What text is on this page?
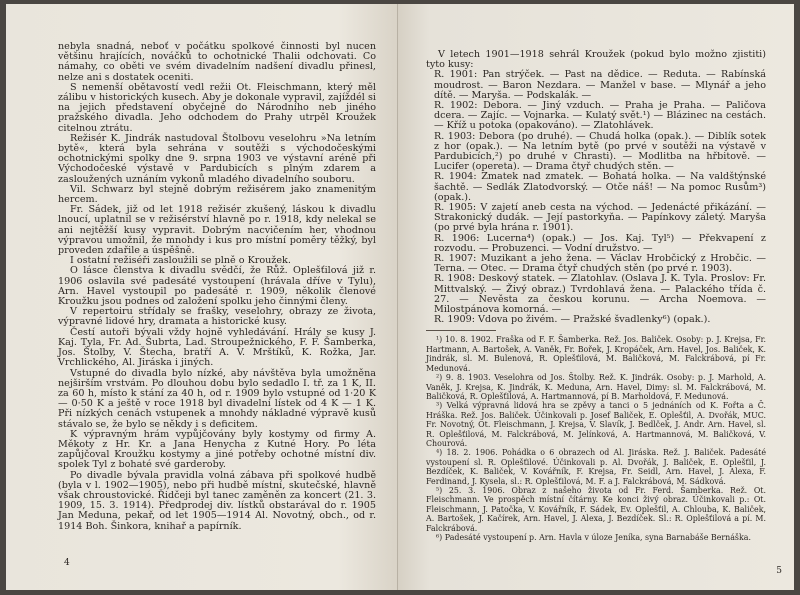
nebyla snadná, neboť v počátku spolkové činnosti byl nucen většinu hrajících, nováčků to ochotnické Thalii odchovati. Co námahy, co oběti ve svém divadelním nadšení divadlu přinesl, nelze ani s dostatek oceniti.

S nemenší obětavostí vedl režii Ot. Fleischmann, který měl zálibu v historických kusech. Aby je dokonale vypravil, zajíždél si na jejich představení obyčejně do Národního neb jiného pražského divadla. Jeho odchodem do Prahy utrpěl Kroužek citelnou ztrátu.

Režisér K. Jindrák nastudoval Štolbovu veselohru »Na letním bytě«, která byla sehrána v soutěži s východočeskými ochotnickými spolky dne 9. srpna 1903 ve výstavní aréně při Východočeské výstavě v Pardubicích s plným zdarem a zasloužených uznáním vykonů mladého divadelního souboru.

Vil. Schwarz byl stejně dobrým režisérem jako znamenitým hercem.

Fr. Sádek, již od let 1918 režisér zkušený, láskou k divadlu lnoucí, uplatnil se v režisérství hlavně po r. 1918, kdy nelekal se ani nejtěžší kusy vypravit. Dobrým nacvičením her, vhodnou výpravou umožnil, že mnohdy i kus pro místní poměry těžký, byl proveden zdařile a úspěšně.

I ostatní režiséři zasloužili se plně o Kroužek.

O lásce členstva k divadlu svědčí, že Růž. Oplešťilová již r. 1906 oslavila své padesáté vystoupení (hrávala dříve v Tylu), Arn. Havel vystoupil po padesáté r. 1909, několik členové Kroužku jsou podnes od založení spolku jeho činnými členy.

V repertoiru střídaly se frašky, veselohry, obrazy ze života, výpravné lidové hry, dramata a historické kusy.

Čestí autoři bývali vždy hojně vyhledávání. Hrály se kusy J. Kaj. Tyla, Fr. Ad. Šubrta, Lad. Stroupežnického, F. F. Šamberka, Jos. Štolby, V. Štecha, bratří A. V. Mrštíků, K. Rožka, Jar. Vrchlického, Al. Jiráska i jiných.

Vstupné do divadla bylo nízké, aby návštěva byla umožněna nejširším vrstvám. Po dlouhou dobu bylo sedadlo I. tř. za 1 K, II. za 60 h, místo k stání za 40 h, od r. 1909 bylo vstupné od 1·20 K — 0·50 K a ještě v roce 1918 byl divadelní lístek od 4 K — 1 K. Při nízkých cenách vstupenek a mnohdy nákladné výpravě kusů stávalo se, že bylo se někdy i s deficitem.

K výpravným hrám vypůjčovány byly kostymy od firmy A. Měkoty z Hr. Kr. a Jana Henycha z Kutné Hory. Po léta zapůjčoval Kroužku kostymy a jiné potřeby ochotné místní div. spolek Tyl z bohaté své garderoby.

Po divadle bývala pravidla volná zábava při spolkové hudbě (byla v l. 1902—1905), nebo při hudbě místní, skutečské, hlavně však chroustovické. Řidčeji byl tanec zaměněn za koncert (21. 3. 1909, 15. 3. 1914). Předprodej div. lístků obstarával do r. 1905 Jan Meduna, pekař, od let 1905—1914 Al. Novotný, obch., od r. 1914 Boh. Šinkora, knihař a papírník.

4

V letech 1901—1918 sehrál Kroužek (pokud bylo možno zjistiti) tyto kusy:

R. 1901: Pan strýček. — Past na dědice. — Reduta. — Rabínská moudrost. — Baron Nezdara. — Manžel v base. — Mlynář a jeho dítě. — Maryša. — Podskalák. —

R. 1902: Debora. — Jiný vzduch. — Praha je Praha. — Paličova dcera. — Zajíc. — Vojnarka. — Kulatý svět.¹) — Blázinec na cestách. — Kříž u potoka (opakováno). — Zlatohlávek.

R. 1903: Debora (po druhé). — Chudá holka (opak.). — Diblík sotek z hor (opak.). — Na letním bytě (po prvé v soutěži na výstavě v Pardubicích,²) po druhé v Chrasti). — Modlitba na hřbitově. — Lucifer (opereta). — Drama čtyř chudých stěn. —

R. 1904: Zmatek nad zmatek. — Bohatá holka. — Na valdštýnské šachtě. — Sedlák Zlatodvorský. — Otče náš! — Na pomoc Rusům³) (opak.).

R. 1905: V zajetí aneb cesta na východ. — Jedenácté přikázání. — Strakonický dudák. — Její pastorkyňa. — Papínkovy záletý. Maryša (po prvé byla hrána r. 1901).

R. 1906: Lucerna⁴) (opak.) — Jos. Kaj. Tyl⁵) — Překvapení z rozvodu. — Probuzenci. — Vodní družstvo. —

R. 1907: Muzikant a jeho žena. — Václav Hrobčický z Hrobčic. — Terna. — Otec. — Drama čtyř chudých stěn (po prvé r. 1903).

R. 1908: Deskový statek. — Zlatohlav. (Oslava J. K. Tyla. Proslov: Fr. Mittvalský. — Živý obraz.) Tvrdohlavá žena. — Palackého třída č. 27. — Nevěsta za českou korunu. — Archa Noemova. — Milostpánova komorná. —

R. 1909: Vdova po živém. — Pražské švadlenky⁶) (opak.).

¹) 10. 8. 1902. Fraška od F. F. Šamberka. Rež. Jos. Baliček. Osoby: p. J. Krejsa, Fr. Hartmann, A. Bartošek, A. Vaněk, Fr. Bořek, J. Kropáček, Arn. Havel, Jos. Baliček, K. Jindrák, sl. M. Bulenová, R. Oplešťilová, M. Baličková, M. Falckrábová, pí Fr. Medunová.

²) 9. 8. 1903. Veselohra od Jos. Štolby. Rež. K. Jindrák. Osoby: p. J. Marhold, A. Vaněk, J. Krejsa, K. Jindrák, K. Meduna, Arn. Havel, Dimy: sl. M. Falckrábová, M. Baličková, R. Oplešťilová, A. Hartmannová, pí B. Marholdová, F. Medunová.

³) Velká výpravná lidová hra se zpěvy a tanci o 5 jednáních od K. Fořta a Č. Hráška. Rež. Jos. Baliček. Účinkovali p. Josef Baliček, E. Oplešťil, A. Dvořák, MUC. Fr. Novotný, Ot. Fleischmann, J. Krejsa, V. Slavík, J. Bedlček, J. Andr. Arn. Havel, sl. R. Oplešťilová, M. Falckrábová, M. Jelínková, A. Hartmannová, M. Baličková, V. Chourová.

⁴) 18. 2. 1906. Pohádka o 6 obrazech od Al. Jiráska. Rež. J. Baliček. Padesáté vystoupení sl. R. Oplešťilové. Účinkovali p. Al. Dvořák, J. Baliček, E. Oplešťil, J. Bezdíček, K. Baliček, V. Kovářník, F. Krejsa, Fr. Seidl, Arn. Havel, J. Alexa, F. Ferdinand, J. Kysela, sl.: R. Oplešťilová, M. F. a J. Falckrábová, M. Sádková.

⁵) 25. 3. 1906. Obraz z našeho života od Fr. Ferd. Šamberka. Rež. Ot. Fleischmann. Ve prospěch místní čítárny. Ke konci živý obraz. Účinkovali p.: Ot. Fleischmann, J. Patočka, V. Kovářník, F. Sádek, Ev. Oplešťil, A. Chlouba, K. Baliček, A. Bartošek, J. Kačírek, Arn. Havel, J. Alexa, J. Bezdíček. Sl.: R. Oplešťilová a pí. M. Falckrábová.

⁶) Padesáté vystoupení p. Arn. Havla v úloze Jeníka, syna Barnabáše Bernáška.

5
